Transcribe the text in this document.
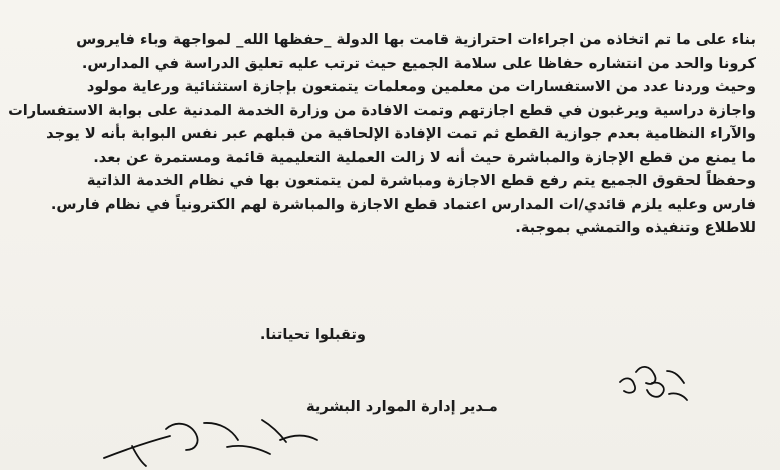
بناء على ما تم اتخاذه من اجراءات احترازية قامت بها الدولة _حفظها الله_ لمواجهة وباء فايروس
كرونا والحد من انتشاره حفاظا على سلامة الجميع حيث ترتب عليه تعليق الدراسة في المدارس.
وحيث وردنا عدد من الاستفسارات من معلمين ومعلمات يتمتعون بإجازة استثنائية ورعاية مولود
واجازة دراسية ويرغبون في قطع اجازتهم وتمت الافادة من وزارة الخدمة المدنية على بوابة الاستفسارات
والآراء النظامية بعدم جوازية القطع ثم تمت الإفادة الإلحاقية من قبلهم عبر نفس البوابة بأنه لا يوجد
ما يمنع من قطع الإجازة والمباشرة حيث أنه لا زالت العملية التعليمية قائمة ومستمرة عن بعد.
وحفظاً لحقوق الجميع يتم رفع قطع الاجازة ومباشرة لمن يتمتعون بها في نظام الخدمة الذاتية
فارس وعليه يلزم قائدي/ات المدارس اعتماد قطع الاجازة والمباشرة لهم الكترونياً في نظام فارس.
للاطلاع وتنفيذه والتمشي بموجبة.
وتقبلوا تحياتنا.
مـدير إدارة الموارد البشرية
